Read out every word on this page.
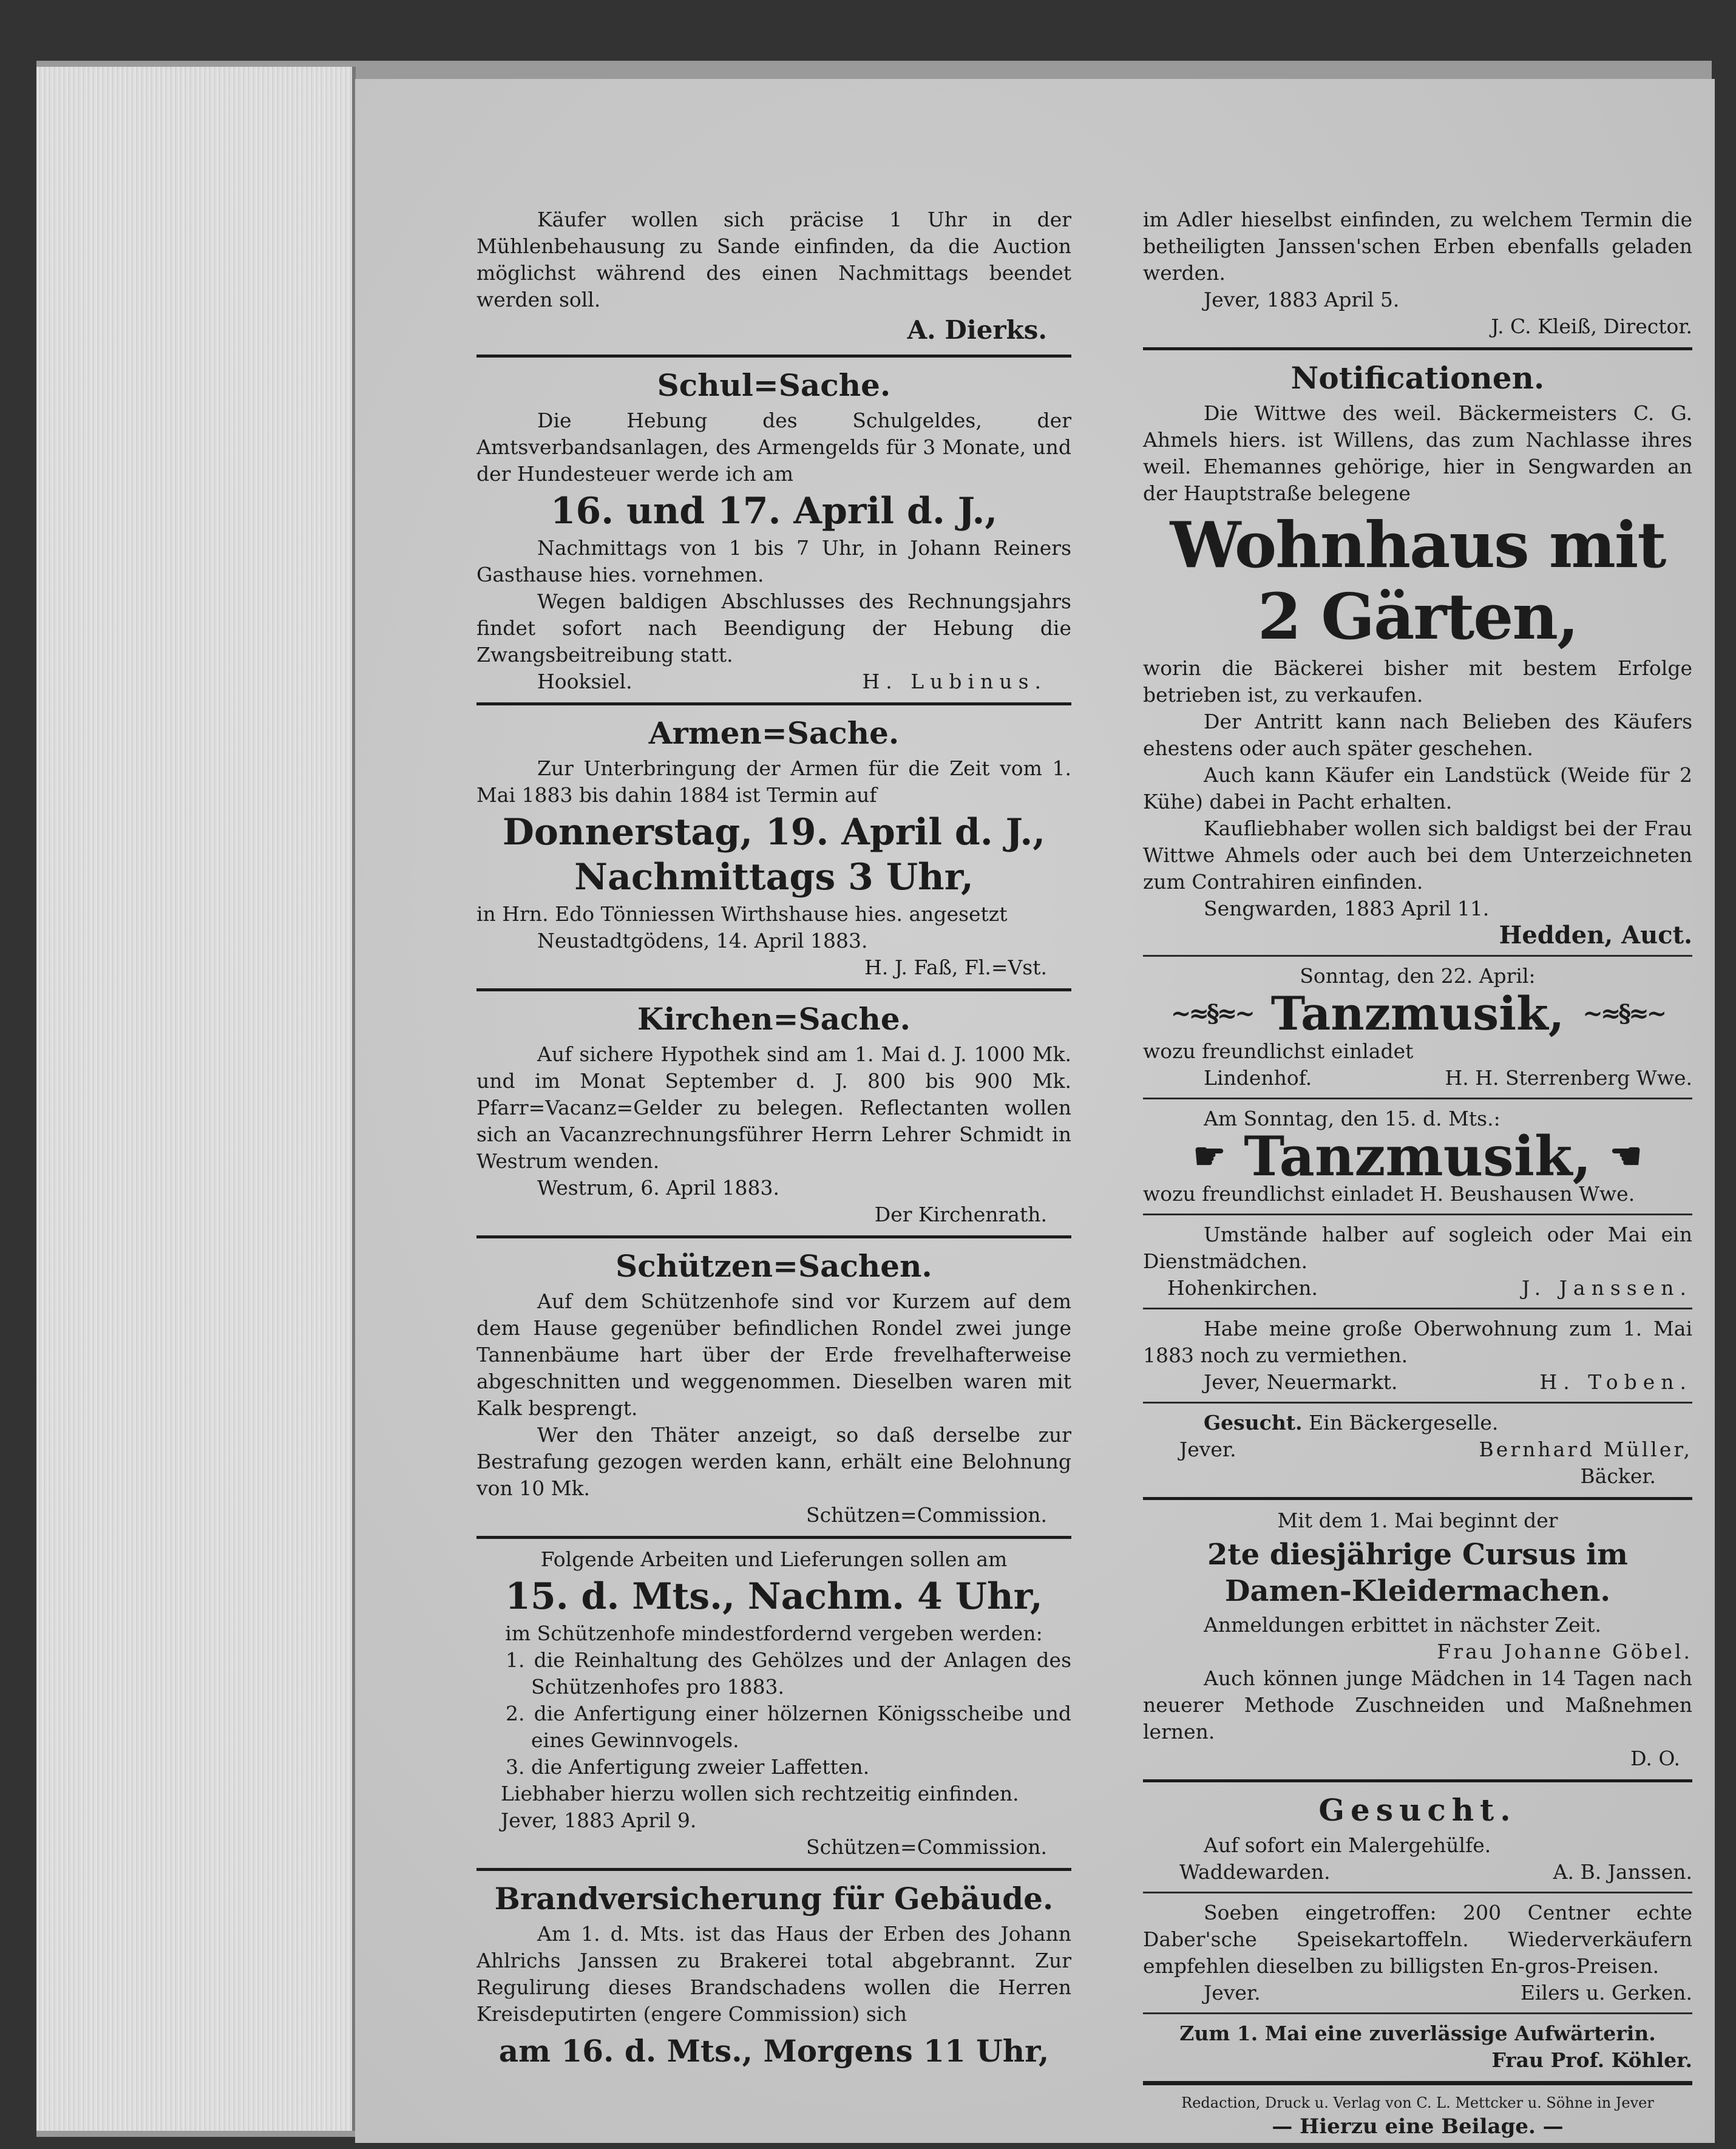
Käufer wollen sich präcise 1 Uhr in der Mühlenbehausung zu Sande einfinden, da die Auction möglichst während des einen Nachmittags beendet werden soll.

A. Dierks.

Schul=Sache.

Die Hebung des Schulgeldes, der Amtsverbandsanlagen, des Armengelds für 3 Monate, und der Hundesteuer werde ich am

16. und 17. April d. J.,

Nachmittags von 1 bis 7 Uhr, in Johann Reiners Gasthause hies. vornehmen.

Wegen baldigen Abschlusses des Rechnungsjahrs findet sofort nach Beendigung der Hebung die Zwangsbeitreibung statt.

Hooksiel.	H. Lubinus.

Armen=Sache.

Zur Unterbringung der Armen für die Zeit vom 1. Mai 1883 bis dahin 1884 ist Termin auf

Donnerstag, 19. April d. J.,

Nachmittags 3 Uhr,

in Hrn. Edo Tönniessen Wirthshause hies. angesetzt

Neustadtgödens, 14. April 1883.

H. J. Faß, Fl.=Vst.

Kirchen=Sache.

Auf sichere Hypothek sind am 1. Mai d. J. 1000 Mk. und im Monat September d. J. 800 bis 900 Mk. Pfarr=Vacanz=Gelder zu belegen. Reflectanten wollen sich an Vacanzrechnungsführer Herrn Lehrer Schmidt in Westrum wenden.

Westrum, 6. April 1883.

Der Kirchenrath.

Schützen=Sachen.

Auf dem Schützenhofe sind vor Kurzem auf dem dem Hause gegenüber befindlichen Rondel zwei junge Tannenbäume hart über der Erde frevelhafterweise abgeschnitten und weggenommen. Dieselben waren mit Kalk besprengt.

Wer den Thäter anzeigt, so daß derselbe zur Bestrafung gezogen werden kann, erhält eine Belohnung von 10 Mk.

Schützen=Commission.

Folgende Arbeiten und Lieferungen sollen am

15. d. Mts., Nachm. 4 Uhr,

im Schützenhofe mindestfordernd vergeben werden:

1. die Reinhaltung des Gehölzes und der Anlagen des Schützenhofes pro 1883.

2. die Anfertigung einer hölzernen Königsscheibe und eines Gewinnvogels.

3. die Anfertigung zweier Laffetten.

Liebhaber hierzu wollen sich rechtzeitig einfinden.

Jever, 1883 April 9.

Schützen=Commission.

Brandversicherung für Gebäude.

Am 1. d. Mts. ist das Haus der Erben des Johann Ahlrichs Janssen zu Brakerei total abgebrannt. Zur Regulirung dieses Brandschadens wollen die Herren Kreisdeputirten (engere Commission) sich

am 16. d. Mts., Morgens 11 Uhr,

im Adler hieselbst einfinden, zu welchem Termin die betheiligten Janssen'schen Erben ebenfalls geladen werden.

Jever, 1883 April 5.

J. C. Kleiß, Director.

Notificationen.

Die Wittwe des weil. Bäckermeisters C. G. Ahmels hiers. ist Willens, das zum Nachlasse ihres weil. Ehemannes gehörige, hier in Sengwarden an der Hauptstraße belegene

Wohnhaus mit 2 Gärten,

worin die Bäckerei bisher mit bestem Erfolge betrieben ist, zu verkaufen.

Der Antritt kann nach Belieben des Käufers ehestens oder auch später geschehen.

Auch kann Käufer ein Landstück (Weide für 2 Kühe) dabei in Pacht erhalten.

Kaufliebhaber wollen sich baldigst bei der Frau Wittwe Ahmels oder auch bei dem Unterzeichneten zum Contrahiren einfinden.

Sengwarden, 1883 April 11.

Hedden, Auct.

Sonntag, den 22. April:

~≈§≈~ Tanzmusik, ~≈§≈~

wozu freundlichst einladet

Lindenhof.	H. H. Sterrenberg Wwe.

Am Sonntag, den 15. d. Mts.:

☛ Tanzmusik, ☚

wozu freundlichst einladet H. Beushausen Wwe.

Umstände halber auf sogleich oder Mai ein Dienstmädchen.

Hohenkirchen.	J. Janssen.

Habe meine große Oberwohnung zum 1. Mai 1883 noch zu vermiethen.

Jever, Neuermarkt.	H. Toben.

Gesucht. Ein Bäckergeselle.

Jever.	Bernhard Müller,

Bäcker.

Mit dem 1. Mai beginnt der

2te diesjährige Cursus im Damen-Kleidermachen.

Anmeldungen erbittet in nächster Zeit.

Frau Johanne Göbel.

Auch können junge Mädchen in 14 Tagen nach neuerer Methode Zuschneiden und Maßnehmen lernen.

D. O.

Gesucht.

Auf sofort ein Malergehülfe.

Waddewarden.	A. B. Janssen.

Soeben eingetroffen: 200 Centner echte Daber'sche Speisekartoffeln. Wiederverkäufern empfehlen dieselben zu billigsten En-gros-Preisen.

Jever.	Eilers u. Gerken.

Zum 1. Mai eine zuverlässige Aufwärterin.

Frau Prof. Köhler.

Redaction, Druck u. Verlag von C. L. Mettcker u. Söhne in Jever

— Hierzu eine Beilage. —
